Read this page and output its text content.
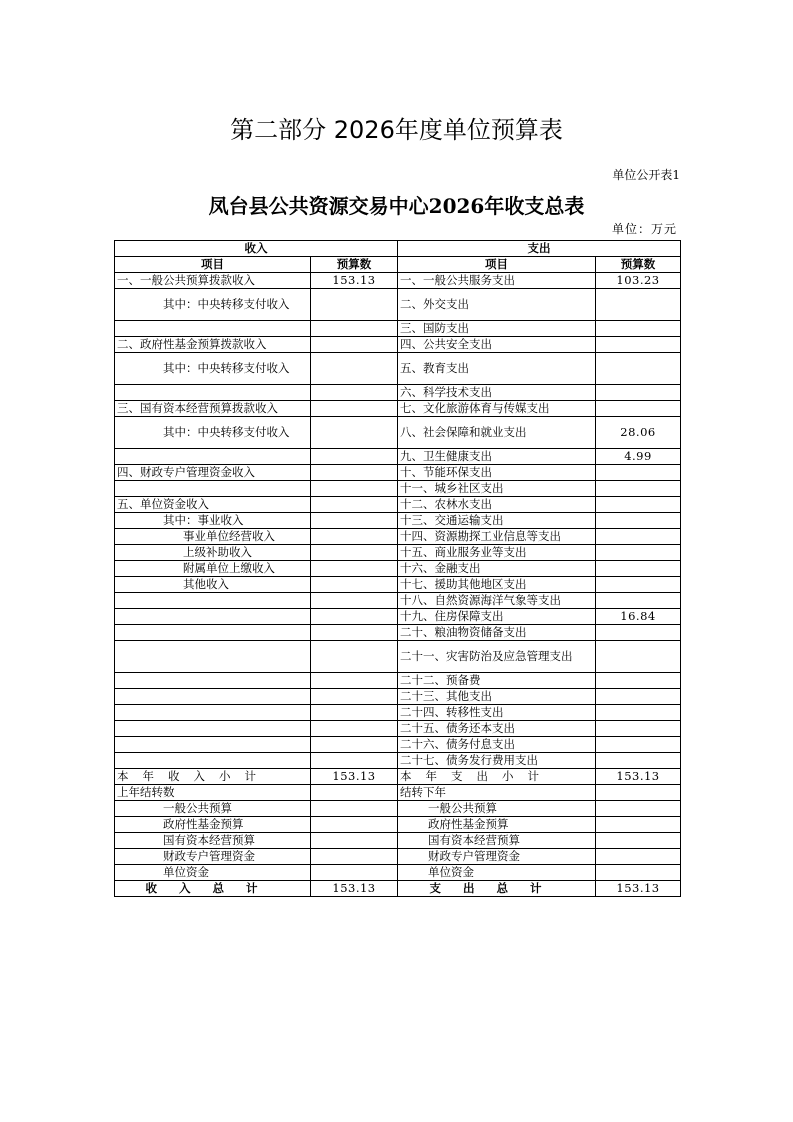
第二部分 2026年度单位预算表
单位公开表1
凤台县公共资源交易中心2026年收支总表
单位：万元
收入		支出	
项目	预算数	项目	预算数
一、一般公共预算拨款收入	153.13	一、一般公共服务支出	103.23
其中：中央转移支付收入		二、外交支出	
		三、国防支出	
二、政府性基金预算拨款收入		四、公共安全支出	
其中：中央转移支付收入		五、教育支出	
		六、科学技术支出	
三、国有资本经营预算拨款收入		七、文化旅游体育与传媒支出	
其中：中央转移支付收入		八、社会保障和就业支出	28.06
		九、卫生健康支出	4.99
四、财政专户管理资金收入		十、节能环保支出	
		十一、城乡社区支出	
五、单位资金收入		十二、农林水支出	
其中：事业收入		十三、交通运输支出	
事业单位经营收入		十四、资源勘探工业信息等支出	
上级补助收入		十五、商业服务业等支出	
附属单位上缴收入		十六、金融支出	
其他收入		十七、援助其他地区支出	
		十八、自然资源海洋气象等支出	
		十九、住房保障支出	16.84
		二十、粮油物资储备支出	
		二十一、灾害防治及应急管理支出	
		二十二、预备费	
		二十三、其他支出	
		二十四、转移性支出	
		二十五、债务还本支出	
		二十六、债务付息支出	
		二十七、债务发行费用支出	
本年收入小计	153.13	本年支出小计	153.13
上年结转数		结转下年	
一般公共预算		一般公共预算	
政府性基金预算		政府性基金预算	
国有资本经营预算		国有资本经营预算	
财政专户管理资金		财政专户管理资金	
单位资金		单位资金	
收入总计	153.13	支出总计	153.13
